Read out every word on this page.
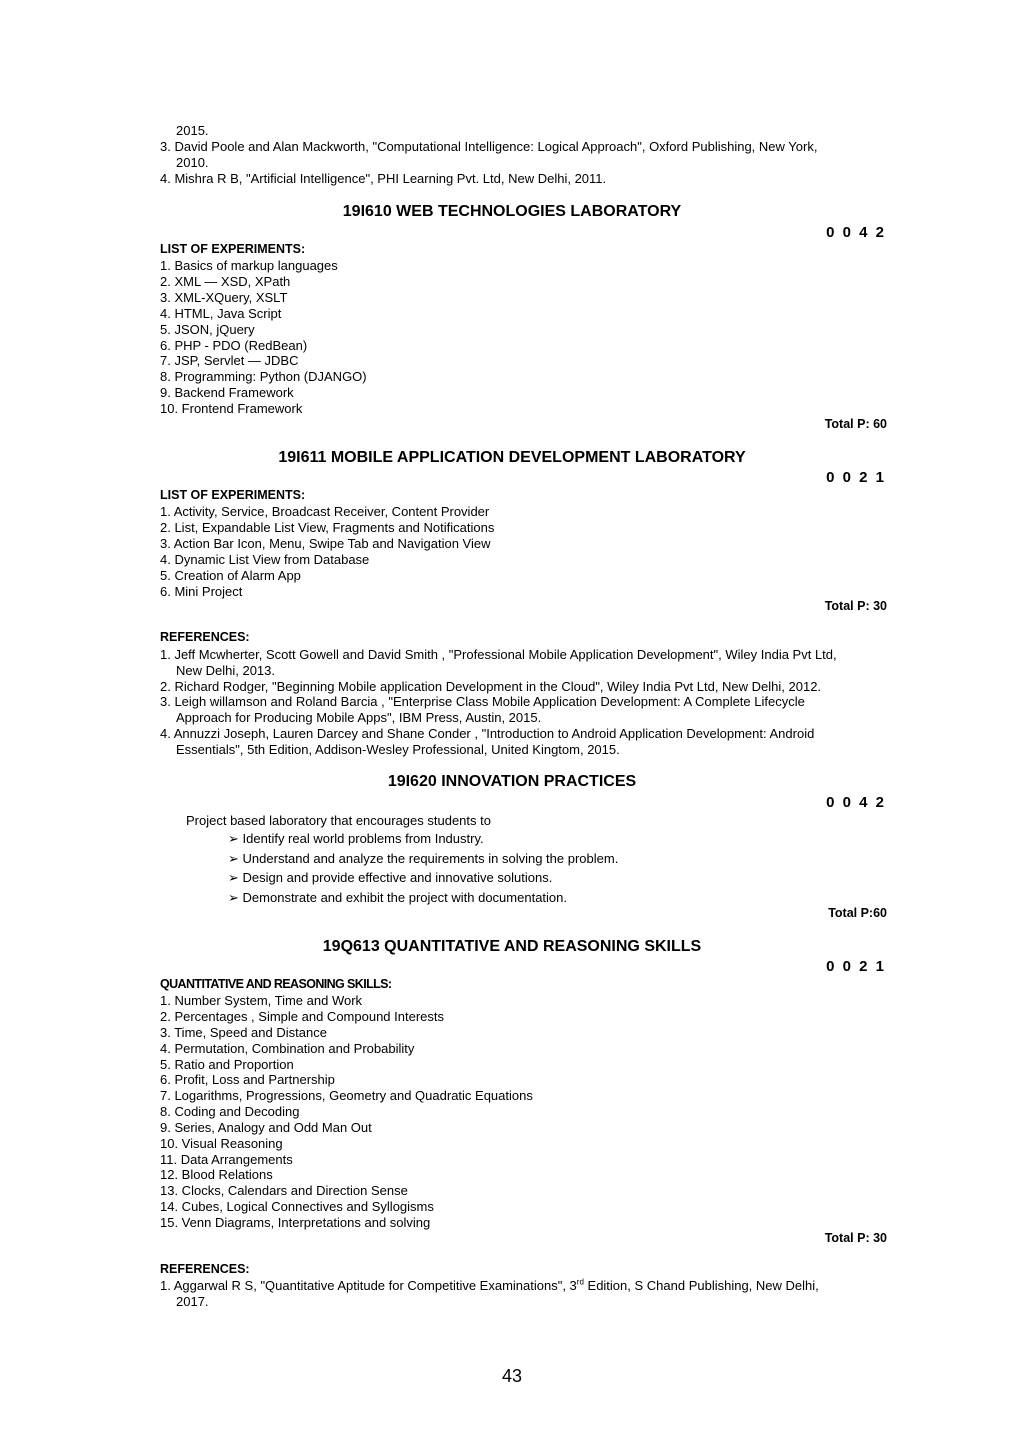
2015.
3. David Poole and Alan Mackworth, "Computational Intelligence: Logical Approach", Oxford Publishing, New York,
2010.
4. Mishra R B, "Artificial Intelligence", PHI Learning Pvt. Ltd, New Delhi, 2011.
19I610 WEB TECHNOLOGIES LABORATORY
0 0 4 2
LIST OF EXPERIMENTS:
1. Basics of markup languages
2. XML — XSD, XPath
3. XML-XQuery, XSLT
4. HTML, Java Script
5. JSON, jQuery
6. PHP - PDO (RedBean)
7. JSP, Servlet — JDBC
8. Programming: Python (DJANGO)
9. Backend Framework
10. Frontend Framework
Total P: 60
19I611 MOBILE APPLICATION DEVELOPMENT LABORATORY
0 0 2 1
LIST OF EXPERIMENTS:
1. Activity, Service, Broadcast Receiver, Content Provider
2. List, Expandable List View, Fragments and Notifications
3. Action Bar Icon, Menu, Swipe Tab and Navigation View
4. Dynamic List View from Database
5. Creation of Alarm App
6. Mini Project
Total P: 30
REFERENCES:
1. Jeff Mcwherter, Scott Gowell and David Smith , "Professional Mobile Application Development", Wiley India Pvt Ltd,
New Delhi, 2013.
2. Richard Rodger, "Beginning Mobile application Development in the Cloud", Wiley India Pvt Ltd, New Delhi, 2012.
3. Leigh willamson and Roland Barcia , "Enterprise Class Mobile Application Development: A Complete Lifecycle
Approach for Producing Mobile Apps", IBM Press, Austin, 2015.
4. Annuzzi Joseph, Lauren Darcey and Shane Conder , "Introduction to Android Application Development: Android
Essentials", 5th Edition, Addison-Wesley Professional, United Kingtom, 2015.
19I620 INNOVATION PRACTICES
0 0 4 2
Project based laboratory that encourages students to
➢ Identify real world problems from Industry.
➢ Understand and analyze the requirements in solving the problem.
➢ Design and provide effective and innovative solutions.
➢ Demonstrate and exhibit the project with documentation.
Total P:60
19Q613 QUANTITATIVE AND REASONING SKILLS
0 0 2 1
QUANTITATIVE AND REASONING SKILLS:
1. Number System, Time and Work
2. Percentages , Simple and Compound Interests
3. Time, Speed and Distance
4. Permutation, Combination and Probability
5. Ratio and Proportion
6. Profit, Loss and Partnership
7. Logarithms, Progressions, Geometry and Quadratic Equations
8. Coding and Decoding
9. Series, Analogy and Odd Man Out
10. Visual Reasoning
11. Data Arrangements
12. Blood Relations
13. Clocks, Calendars and Direction Sense
14. Cubes, Logical Connectives and Syllogisms
15. Venn Diagrams, Interpretations and solving
Total P: 30
REFERENCES:
1. Aggarwal R S, "Quantitative Aptitude for Competitive Examinations", 3rd Edition, S Chand Publishing, New Delhi,
2017.
43
